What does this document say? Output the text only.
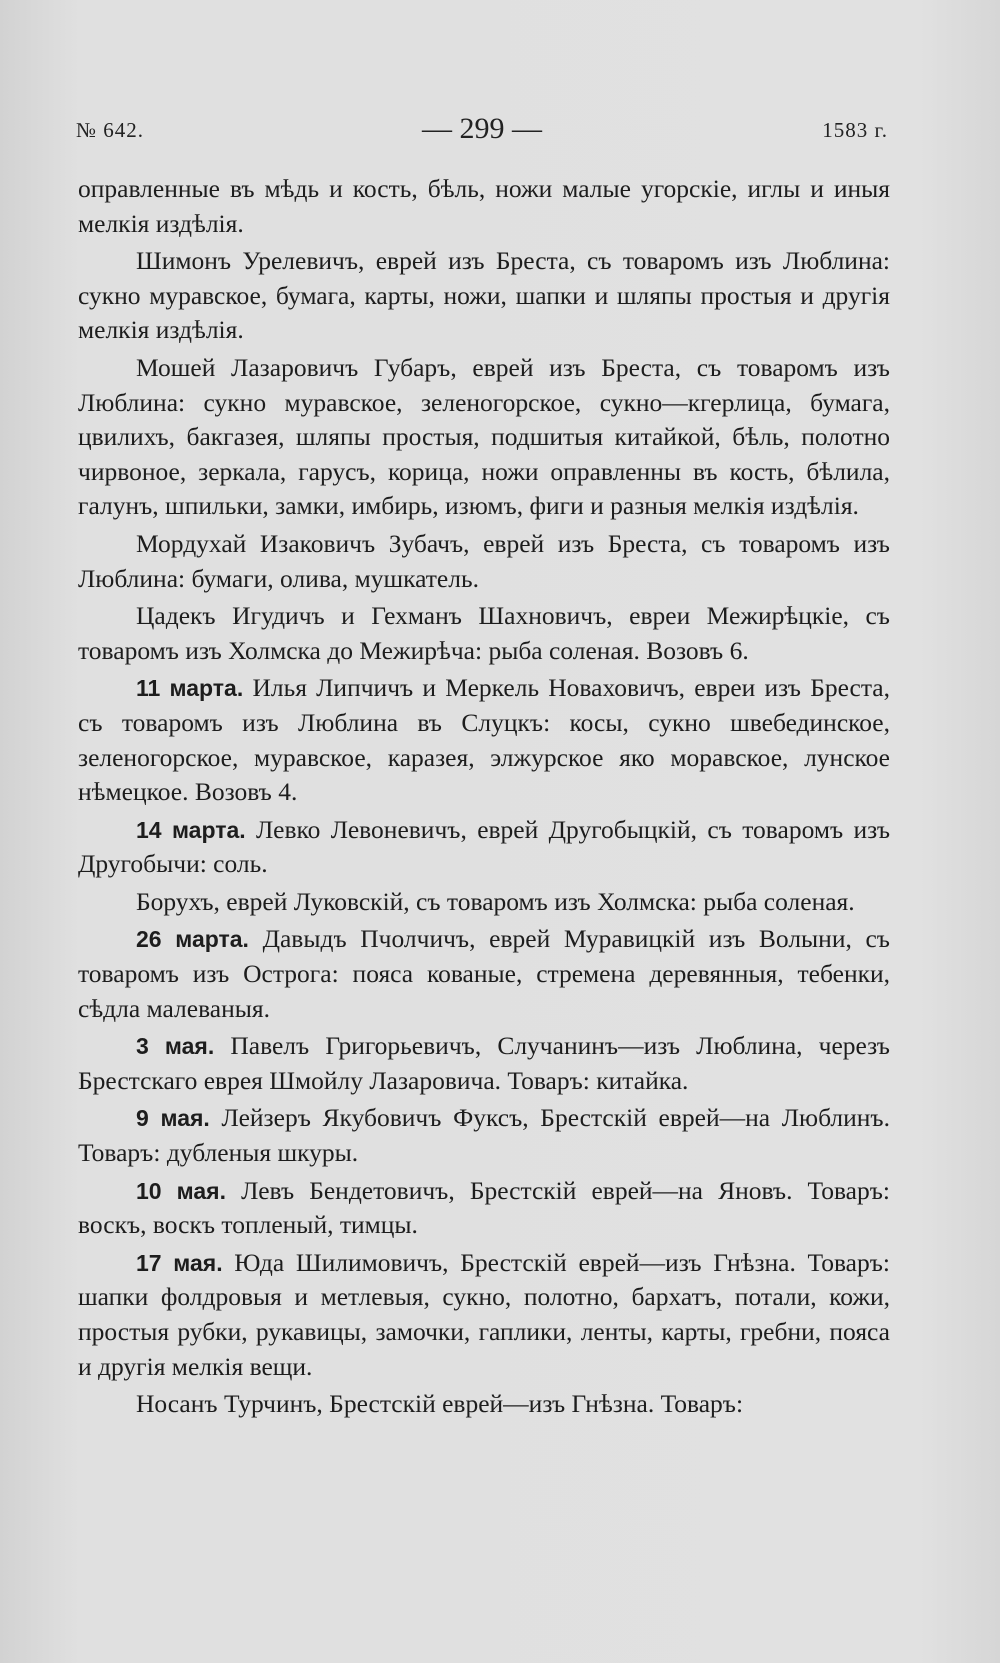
№ 642.	— 299 —	1583 г.

оправленные въ мѣдь и кость, бѣль, ножи малые угорскіе, иглы и иныя мелкія издѣлія.

Шимонъ Урелевичъ, еврей изъ Бреста, съ товаромъ изъ Люблина: сукно муравское, бумага, карты, ножи, шапки и шляпы простыя и другія мелкія издѣлія.

Мошей Лазаровичъ Губаръ, еврей изъ Бреста, съ товаромъ изъ Люблина: сукно муравское, зеленогорское, сукно—кгерлица, бумага, цвилихъ, бакгазея, шляпы простыя, подшитыя китайкой, бѣль, полотно чирвоное, зеркала, гарусъ, корица, ножи оправленны въ кость, бѣлила, галунъ, шпильки, замки, имбирь, изюмъ, фиги и разныя мелкія издѣлія.

Мордухай Изаковичъ Зубачъ, еврей изъ Бреста, съ товаромъ изъ Люблина: бумаги, олива, мушкатель.

Цадекъ Игудичъ и Гехманъ Шахновичъ, евреи Межирѣцкіе, съ товаромъ изъ Холмска до Межирѣча: рыба соленая. Возовъ 6.

11 марта. Илья Липчичъ и Меркель Новаховичъ, евреи изъ Бреста, съ товаромъ изъ Люблина въ Слуцкъ: косы, сукно швебединское, зеленогорское, муравское, каразея, элжурское яко моравское, лунское нѣмецкое. Возовъ 4.

14 марта. Левко Левоневичъ, еврей Другобыцкій, съ товаромъ изъ Другобычи: соль.

Борухъ, еврей Луковскій, съ товаромъ изъ Холмска: рыба соленая.

26 марта. Давыдъ Пчолчичъ, еврей Муравицкій изъ Волыни, съ товаромъ изъ Острога: пояса кованые, стремена деревянныя, тебенки, сѣдла малеваныя.

3 мая. Павелъ Григорьевичъ, Случанинъ—изъ Люблина, черезъ Брестскаго еврея Шмойлу Лазаровича. Товаръ: китайка.

9 мая. Лейзеръ Якубовичъ Фуксъ, Брестскій еврей—на Люблинъ. Товаръ: дубленыя шкуры.

10 мая. Левъ Бендетовичъ, Брестскій еврей—на Яновъ. Товаръ: воскъ, воскъ топленый, тимцы.

17 мая. Юда Шилимовичъ, Брестскій еврей—изъ Гнѣзна. Товаръ: шапки фолдровыя и метлевыя, сукно, полотно, бархатъ, потали, кожи, простыя рубки, рукавицы, замочки, гаплики, ленты, карты, гребни, пояса и другія мелкія вещи.

Носанъ Турчинъ, Брестскій еврей—изъ Гнѣзна. Товаръ:
